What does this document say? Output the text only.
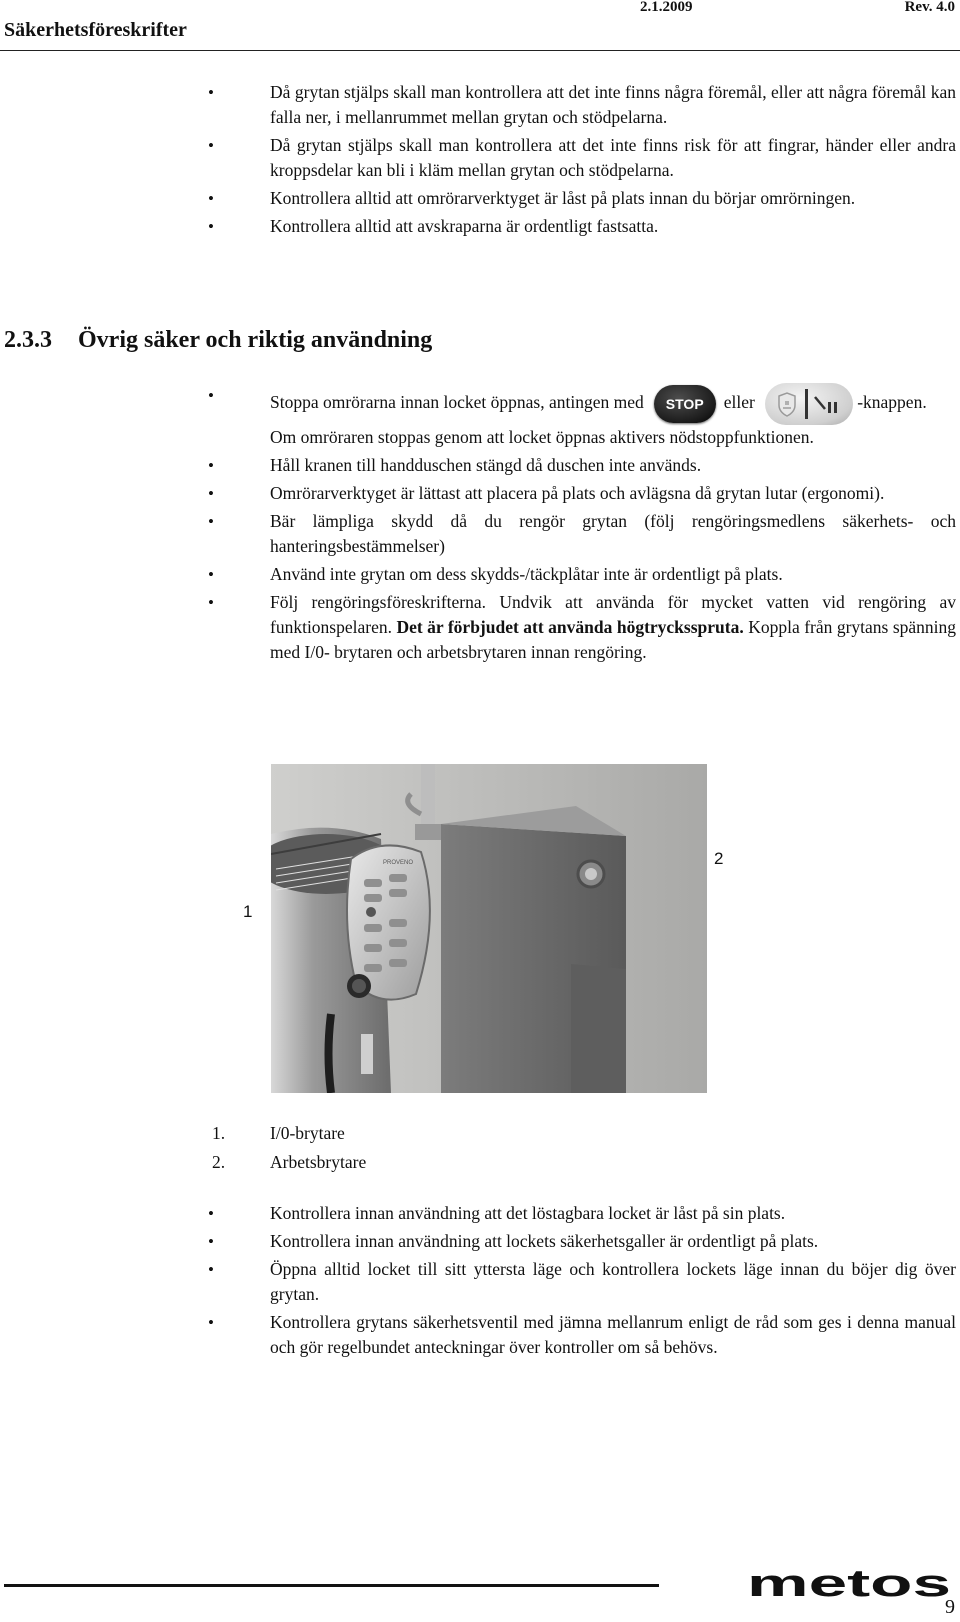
Säkerhetsföreskrifter
2.1.2009	Rev. 4.0
•	Då grytan stjälps skall man kontrollera att det inte finns några föremål, eller att några föremål kan falla ner, i mellanrummet mellan grytan och stödpelarna.
•	Då grytan stjälps skall man kontrollera att det inte finns risk för att fingrar, händer eller andra kroppsdelar kan bli i kläm mellan grytan och stödpelarna.
•	Kontrollera alltid att omrörarverktyget är låst på plats innan du börjar omrörningen.
•	Kontrollera alltid att avskraparna är ordentligt fastsatta.
2.3.3 Övrig säker och riktig användning
•	Stoppa omrörarna innan locket öppnas, antingen med STOP eller	-knappen. Om omröraren stoppas genom att locket öppnas aktivers nödstoppfunktionen.
•	Håll kranen till handduschen stängd då duschen inte används.
•	Omrörarverktyget är lättast att placera på plats och avlägsna då grytan lutar (ergonomi).
•	Bär lämpliga skydd då du rengör grytan (följ rengöringsmedlens säkerhets- och hanteringsbestämmelser)
•	Använd inte grytan om dess skydds-/täckplåtar inte är ordentligt på plats.
•	Följ rengöringsföreskrifterna. Undvik att använda för mycket vatten vid rengöring av funktionspelaren. Det är förbjudet att använda högtrycksspruta. Koppla från grytans spänning med I/0- brytaren och arbetsbrytaren innan rengöring.
PROVENO
1
2
1.	I/0-brytare
2.	Arbetsbrytare
•	Kontrollera innan användning att det löstagbara locket är låst på sin plats.
•	Kontrollera innan användning att lockets säkerhetsgaller är ordentligt på plats.
•	Öppna alltid locket till sitt yttersta läge och kontrollera lockets läge innan du böjer dig över grytan.
•	Kontrollera grytans säkerhetsventil med jämna mellanrum enligt de råd som ges i denna manual och gör regelbundet anteckningar över kontroller om så behövs.
metos
9
